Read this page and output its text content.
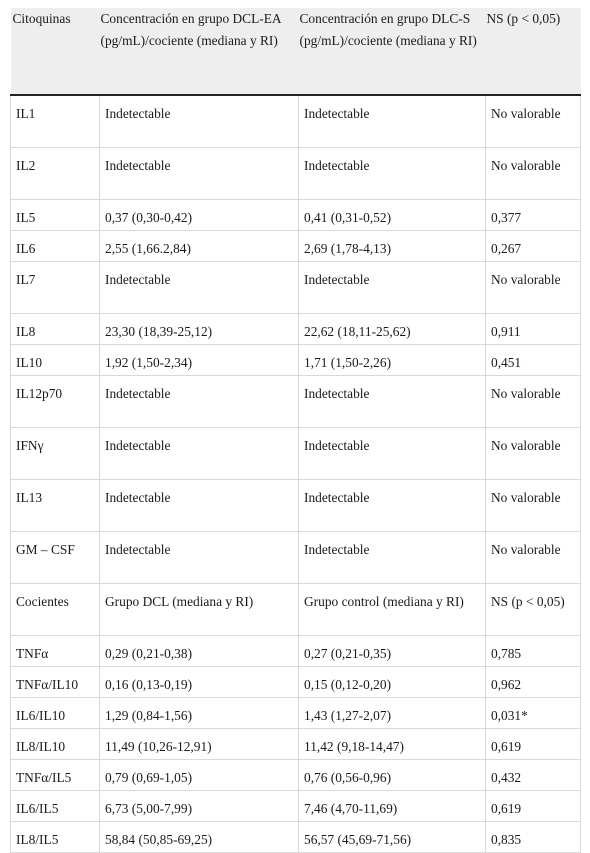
Citoquinas	Concentración en grupo DCL-EA (pg/mL)/cociente (mediana y RI)	Concentración en grupo DLC-S (pg/mL)/cociente (mediana y RI)	NS (p < 0,05)
IL1	Indetectable	Indetectable	No valorable
IL2	Indetectable	Indetectable	No valorable
IL5	0,37 (0,30-0,42)	0,41 (0,31-0,52)	0,377
IL6	2,55 (1,66.2,84)	2,69 (1,78-4,13)	0,267
IL7	Indetectable	Indetectable	No valorable
IL8	23,30 (18,39-25,12)	22,62 (18,11-25,62)	0,911
IL10	1,92 (1,50-2,34)	1,71 (1,50-2,26)	0,451
IL12p70	Indetectable	Indetectable	No valorable
IFNγ	Indetectable	Indetectable	No valorable
IL13	Indetectable	Indetectable	No valorable
GM – CSF	Indetectable	Indetectable	No valorable
Cocientes	Grupo DCL (mediana y RI)	Grupo control (mediana y RI)	NS (p < 0,05)
TNFα	0,29 (0,21-0,38)	0,27 (0,21-0,35)	0,785
TNFα/IL10	0,16 (0,13-0,19)	0,15 (0,12-0,20)	0,962
IL6/IL10	1,29 (0,84-1,56)	1,43 (1,27-2,07)	0,031*
IL8/IL10	11,49 (10,26-12,91)	11,42 (9,18-14,47)	0,619
TNFα/IL5	0,79 (0,69-1,05)	0,76 (0,56-0,96)	0,432
IL6/IL5	6,73 (5,00-7,99)	7,46 (4,70-11,69)	0,619
IL8/IL5	58,84 (50,85-69,25)	56,57 (45,69-71,56)	0,835
